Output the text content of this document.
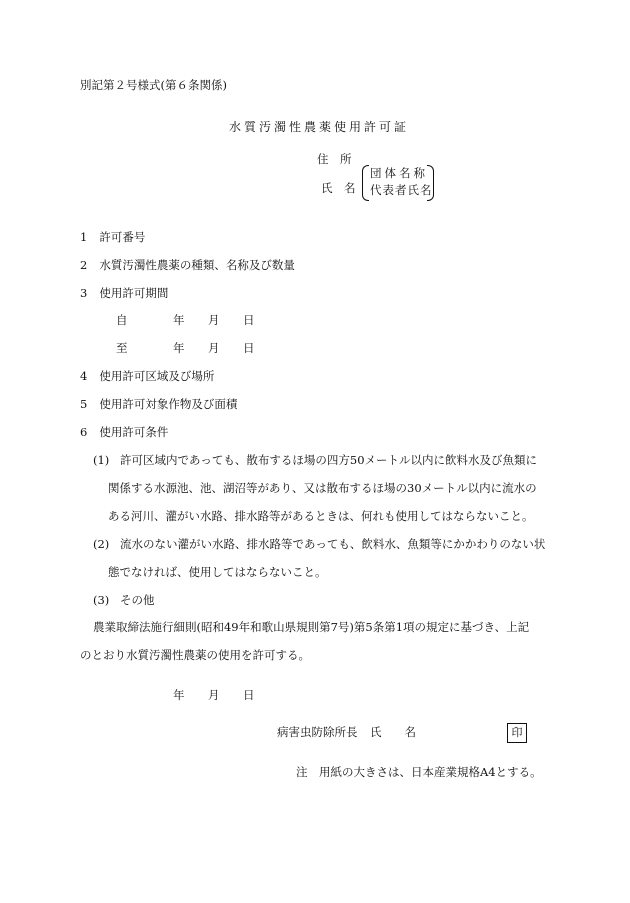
別記第２号様式(第６条関係)
水質汚濁性農薬使用許可証
住　所
氏　名
団体名称
代表者氏名
1 許可番号
2 水質汚濁性農薬の種類、名称及び数量
3 使用許可期間
自	年 月 日
至	年 月 日
4 使用許可区域及び場所
5 使用許可対象作物及び面積
6 使用許可条件
(1) 許可区域内であっても、散布するほ場の四方50メートル以内に飲料水及び魚類に
関係する水源池、池、湖沼等があり、又は散布するほ場の30メートル以内に流水の
ある河川、灌がい水路、排水路等があるときは、何れも使用してはならないこと。
(2) 流水のない灌がい水路、排水路等であっても、飲料水、魚類等にかかわりのない状
態でなければ、使用してはならないこと。
(3) その他
農業取締法施行細則(昭和49年和歌山県規則第7号)第5条第1項の規定に基づき、上記
のとおり水質汚濁性農薬の使用を許可する。
年 月 日
病害虫防除所長 氏　　名	印
注　用紙の大きさは、日本産業規格A4とする。
